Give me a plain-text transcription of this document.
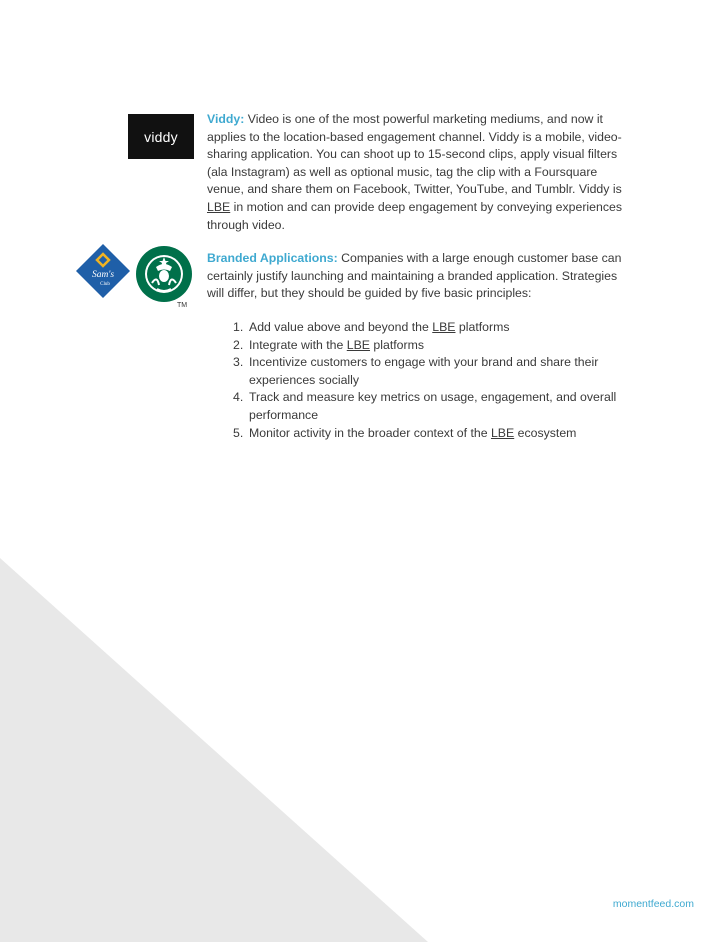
viddy
Sam's
Club
TM

Viddy: Video is one of the most powerful marketing mediums, and now it applies to the location-based engagement channel. Viddy is a mobile, video-sharing application. You can shoot up to 15-second clips, apply visual filters (ala Instagram) as well as optional music, tag the clip with a Foursquare venue, and share them on Facebook, Twitter, YouTube, and Tumblr. Viddy is LBE in motion and can provide deep engagement by conveying experiences through video.

Branded Applications: Companies with a large enough customer base can certainly justify launching and maintaining a branded application. Strategies will differ, but they should be guided by five basic principles:

1. Add value above and beyond the LBE platforms
2. Integrate with the LBE platforms
3. Incentivize customers to engage with your brand and share their experiences socially
4. Track and measure key metrics on usage, engagement, and overall performance
5. Monitor activity in the broader context of the LBE ecosystem
momentfeed.com
